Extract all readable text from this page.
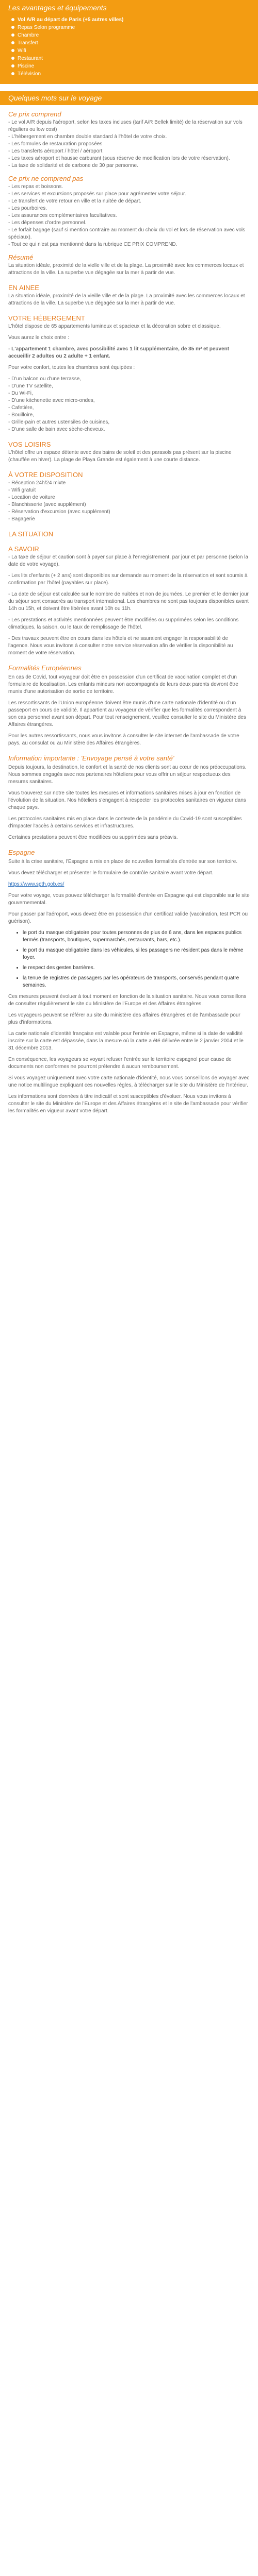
Les avantages et équipements
Vol A/R au départ de Paris (+5 autres villes)
Repas Selon programme
Chambre
Transfert
Wifi
Restaurant
Piscine
Télévision
Quelques mots sur le voyage
Ce prix comprend

- Le vol A/R depuis l'aéroport, selon les taxes incluses (tarif A/R Bellek limité) de la réservation sur vols réguliers ou low cost)
- L'hébergement en chambre double standard à l'hôtel de votre choix.
- Les formules de restauration proposées
- Les transferts aéroport / hôtel / aéroport
- Les taxes aéroport et hausse carburant (sous réserve de modification lors de votre réservation).
- La taxe de solidarité et de carbone de 30 par personne.

Ce prix ne comprend pas

- Les repas et boissons.
- Les services et excursions proposés sur place pour agrémenter votre séjour.
- Le transfert de votre retour en ville et la nuitée de départ.
- Les pourboires.
- Les assurances complémentaires facultatives.
- Les dépenses d'ordre personnel.
- Le forfait bagage (sauf si mention contraire au moment du choix du vol et lors de réservation avec vols spéciaux).
- Tout ce qui n'est pas mentionné dans la rubrique CE PRIX COMPREND.

Résumé

La situation idéale, proximité de la vielle ville et de la plage. La proximité avec les commerces locaux et attractions de la ville. La superbe vue dégagée sur la mer à partir de vue.

EN AINEE

La situation idéale, proximité de la vieille ville et de la plage. La proximité avec les commerces locaux et attractions de la ville. La superbe vue dégagée sur la mer à partir de vue.

VOTRE HÉBERGEMENT

L'hôtel dispose de 65 appartements lumineux et spacieux et la décoration sobre et classique.

Vous aurez le choix entre :

- L'appartement 1 chambre, avec possibilité avec 1 lit supplémentaire, de 35 m² et peuvent accueillir 2 adultes ou 2 adulte + 1 enfant.

Pour votre confort, toutes les chambres sont équipées :

- D'un balcon ou d'une terrasse,
- D'une TV satellite,
- Du Wi-Fi,
- D'une kitchenette avec micro-ondes,
- Cafetière,
- Bouilloire,
- Grille-pain et autres ustensiles de cuisines,
- D'une salle de bain avec sèche-cheveux.

VOS LOISIRS

L'hôtel offre un espace détente avec des bains de soleil et des parasols pas présent sur la piscine (chauffée en hiver). La plage de Playa Grande est également à une courte distance.

À VOTRE DISPOSITION

- Réception 24h/24 mixte
- Wifi gratuit
- Location de voiture
- Blanchisserie (avec supplément)
- Réservation d'excursion (avec supplément)
- Bagagerie

LA SITUATION
A SAVOIR

- La taxe de séjour et caution sont à payer sur place à l'enregistrement, par jour et par personne (selon la date de votre voyage).

- Les lits d'enfants (+ 2 ans) sont disponibles sur demande au moment de la réservation et sont soumis à confirmation par l'hôtel (payables sur place).

- La date de séjour est calculée sur le nombre de nuitées et non de journées. Le premier et le dernier jour du séjour sont consacrés au transport international. Les chambres ne sont pas toujours disponibles avant 14h ou 15h, et doivent être libérées avant 10h ou 11h.

- Les prestations et activités mentionnées peuvent être modifiées ou supprimées selon les conditions climatiques, la saison, ou le taux de remplissage de l'hôtel.

- Des travaux peuvent être en cours dans les hôtels et ne sauraient engager la responsabilité de l'agence. Nous vous invitons à consulter notre service réservation afin de vérifier la disponibilité au moment de votre réservation.

Formalités Européennes

En cas de Covid, tout voyageur doit être en possession d'un certificat de vaccination complet et d'un formulaire de localisation. Les enfants mineurs non accompagnés de leurs deux parents devront être munis d'une autorisation de sortie de territoire.

Les ressortissants de l'Union européenne doivent être munis d'une carte nationale d'identité ou d'un passeport en cours de validité. Il appartient au voyageur de vérifier que les formalités correspondent à son cas personnel avant son départ. Pour tout renseignement, veuillez consulter le site du Ministère des Affaires étrangères.

Pour les autres ressortissants, nous vous invitons à consulter le site internet de l'ambassade de votre pays, au consulat ou au Ministère des Affaires étrangères.

Information importante : 'Envoyage pensé à votre santé'

Depuis toujours, la destination, le confort et la santé de nos clients sont au cœur de nos préoccupations. Nous sommes engagés avec nos partenaires hôteliers pour vous offrir un séjour respectueux des mesures sanitaires.

Vous trouverez sur notre site toutes les mesures et informations sanitaires mises à jour en fonction de l'évolution de la situation. Nos hôteliers s'engagent à respecter les protocoles sanitaires en vigueur dans chaque pays.

Les protocoles sanitaires mis en place dans le contexte de la pandémie du Covid-19 sont susceptibles d'impacter l'accès à certains services et infrastructures.

Certaines prestations peuvent être modifiées ou supprimées sans préavis.

Espagne

Suite à la crise sanitaire, l'Espagne a mis en place de nouvelles formalités d'entrée sur son territoire.

Vous devez télécharger et présenter le formulaire de contrôle sanitaire avant votre départ.

https://www.spth.gob.es/

Pour votre voyage, vous pouvez télécharger la formalité d'entrée en Espagne qui est disponible sur le site gouvernemental.

Pour passer par l'aéroport, vous devez être en possession d'un certificat valide (vaccination, test PCR ou guérison).

• le port du masque obligatoire pour toutes personnes de plus de 6 ans, dans les espaces publics fermés (transports, boutiques, supermarchés, restaurants, bars, etc.).
• le port du masque obligatoire dans les véhicules, si les passagers ne résident pas dans le même foyer.
• le respect des gestes barrières.
• la tenue de registres de passagers par les opérateurs de transports, conservés pendant quatre semaines.

Ces mesures peuvent évoluer à tout moment en fonction de la situation sanitaire. Nous vous conseillons de consulter régulièrement le site du Ministère de l'Europe et des Affaires étrangères.

Les voyageurs peuvent se référer au site du ministère des affaires étrangères et de l'ambassade pour plus d'informations.

La carte nationale d'identité française est valable pour l'entrée en Espagne, même si la date de validité inscrite sur la carte est dépassée, dans la mesure où la carte a été délivrée entre le 2 janvier 2004 et le 31 décembre 2013.

En conséquence, les voyageurs se voyant refuser l'entrée sur le territoire espagnol pour cause de documents non conformes ne pourront prétendre à aucun remboursement.

Si vous voyagez uniquement avec votre carte nationale d'identité, nous vous conseillons de voyager avec une notice multilingue expliquant ces nouvelles règles, à télécharger sur le site du Ministère de l'Intérieur.

Les informations sont données à titre indicatif et sont susceptibles d'évoluer. Nous vous invitons à consulter le site du Ministère de l'Europe et des Affaires étrangères et le site de l'ambassade pour vérifier les formalités en vigueur avant votre départ.
